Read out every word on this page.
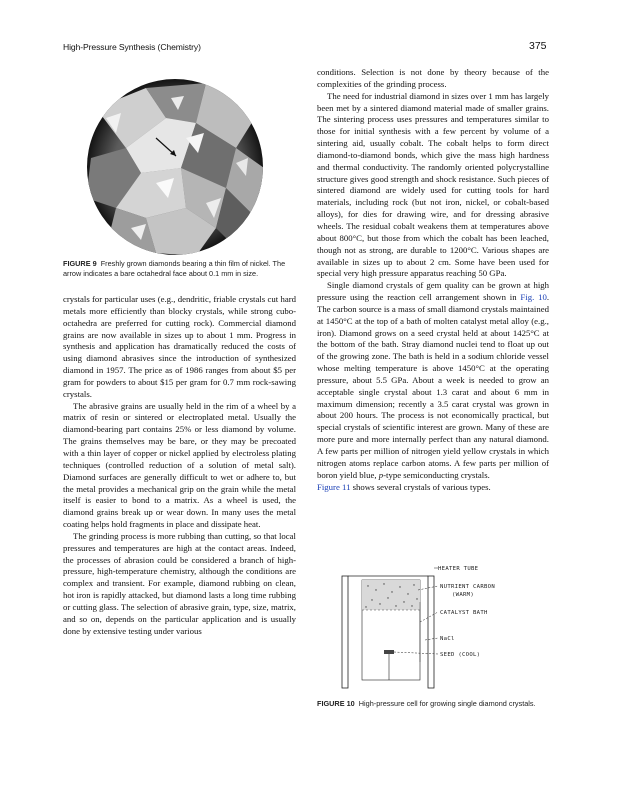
High-Pressure Synthesis (Chemistry)	375
FIGURE 9 Freshly grown diamonds bearing a thin film of nickel. The arrow indicates a bare octahedral face about 0.1 mm in size.

crystals for particular uses (e.g., dendritic, friable crystals cut hard metals more efficiently than blocky crystals, while strong cubo-octahedra are preferred for cutting rock). Commercial diamond grains are now available in sizes up to about 1 mm. Progress in synthesis and application has dramatically reduced the costs of using diamond abrasives since the introduction of synthesized diamond in 1957. The price as of 1986 ranges from about $5 per gram for powders to about $15 per gram for 0.7 mm rock-sawing crystals.

The abrasive grains are usually held in the rim of a wheel by a matrix of resin or sintered or electroplated metal. Usually the diamond-bearing part contains 25% or less diamond by volume. The grains themselves may be bare, or they may be precoated with a thin layer of copper or nickel applied by electroless plating techniques (controlled reduction of a solution of metal salt). Diamond surfaces are generally difficult to wet or adhere to, but the metal provides a mechanical grip on the grain while the metal itself is easier to bond to a matrix. As a wheel is used, the diamond grains break up or wear down. In many uses the metal coating helps hold fragments in place and dissipate heat.

The grinding process is more rubbing than cutting, so that local pressures and temperatures are high at the contact areas. Indeed, the processes of abrasion could be considered a branch of high-pressure, high-temperature chemistry, although the conditions are complex and transient. For example, diamond rubbing on clean, hot iron is rapidly attacked, but diamond lasts a long time rubbing or cutting glass. The selection of abrasive grain, type, size, matrix, and so on, depends on the particular application and is usually done by extensive testing under various

conditions. Selection is not done by theory because of the complexities of the grinding process.

The need for industrial diamond in sizes over 1 mm has largely been met by a sintered diamond material made of smaller grains. The sintering process uses pressures and temperatures similar to those for initial synthesis with a few percent by volume of a sintering aid, usually cobalt. The cobalt helps to form direct diamond-to-diamond bonds, which give the mass high hardness and thermal conductivity. The randomly oriented polycrystalline structure gives good strength and shock resistance. Such pieces of sintered diamond are widely used for cutting tools for hard materials, including rock (but not iron, nickel, or cobalt-based alloys), for dies for drawing wire, and for dressing abrasive wheels. The residual cobalt weakens them at temperatures above about 800°C, but those from which the cobalt has been leached, though not as strong, are durable to 1200°C. Various shapes are available in sizes up to about 2 cm. Some have been used for special very high pressure apparatus reaching 50 GPa.

Single diamond crystals of gem quality can be grown at high pressure using the reaction cell arrangement shown in Fig. 10. The carbon source is a mass of small diamond crystals maintained at 1450°C at the top of a bath of molten catalyst metal alloy (e.g., iron). Diamond grows on a seed crystal held at about 1425°C at the bottom of the bath. Stray diamond nuclei tend to float up out of the growing zone. The bath is held in a sodium chloride vessel whose melting temperature is above 1450°C at the operating pressure, about 5.5 GPa. About a week is needed to grow an acceptable single crystal about 1.3 carat and about 6 mm in maximum dimension; recently a 3.5 carat crystal was grown in about 200 hours. The process is not economically practical, but special crystals of scientific interest are grown. Many of these are more pure and more internally perfect than any natural diamond. A few parts per million of nitrogen yield yellow crystals in which nitrogen atoms replace carbon atoms. A few parts per million of boron yield blue, p-type semiconducting crystals.

Figure 11 shows several crystals of various types.

HEATER TUBE
NUTRIENT CARBON
(WARM)
CATALYST BATH
NaCl
SEED (COOL)
FIGURE 10 High-pressure cell for growing single diamond crystals.
